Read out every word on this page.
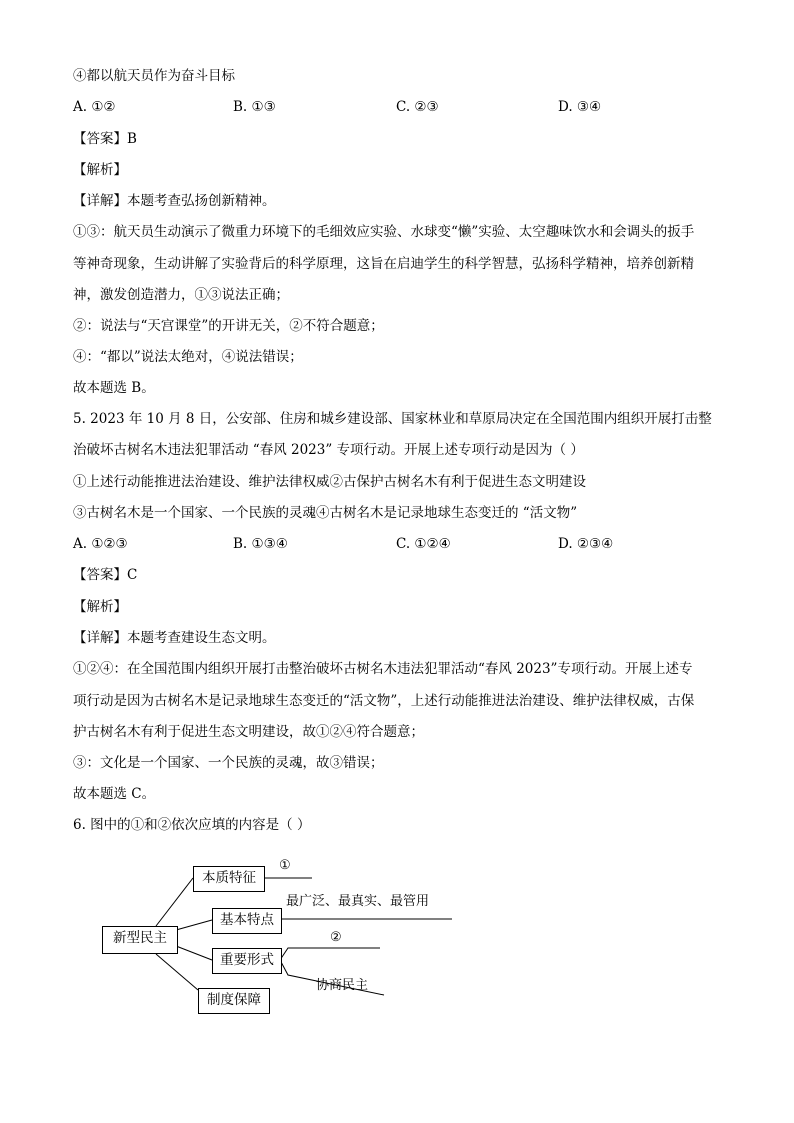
④都以航天员作为奋斗目标
A. ①②	B. ①③	C. ②③	D. ③④
【答案】B
【解析】
【详解】本题考查弘扬创新精神。
①③：航天员生动演示了微重力环境下的毛细效应实验、水球变“懒”实验、太空趣味饮水和会调头的扳手
等神奇现象，生动讲解了实验背后的科学原理，这旨在启迪学生的科学智慧，弘扬科学精神，培养创新精
神，激发创造潜力，①③说法正确；
②：说法与“天宫课堂”的开讲无关，②不符合题意；
④：“都以”说法太绝对，④说法错误；
故本题选 B。
5. 2023 年 10 月 8 日，公安部、住房和城乡建设部、国家林业和草原局决定在全国范围内组织开展打击整
治破坏古树名木违法犯罪活动 “春风 2023” 专项行动。开展上述专项行动是因为（ ）
①上述行动能推进法治建设、维护法律权威②古保护古树名木有利于促进生态文明建设
③古树名木是一个国家、一个民族的灵魂④古树名木是记录地球生态变迁的 “活文物”
A. ①②③	B. ①③④	C. ①②④	D. ②③④
【答案】C
【解析】
【详解】本题考查建设生态文明。
①②④：在全国范围内组织开展打击整治破坏古树名木违法犯罪活动“春风 2023”专项行动。开展上述专
项行动是因为古树名木是记录地球生态变迁的“活文物”，上述行动能推进法治建设、维护法律权威，古保
护古树名木有利于促进生态文明建设，故①②④符合题意；
③：文化是一个国家、一个民族的灵魂，故③错误；
故本题选 C。
6. 图中的①和②依次应填的内容是（ ）
新型民主
本质特征
基本特点
重要形式
制度保障
①
最广泛、最真实、最管用
②
协商民主
